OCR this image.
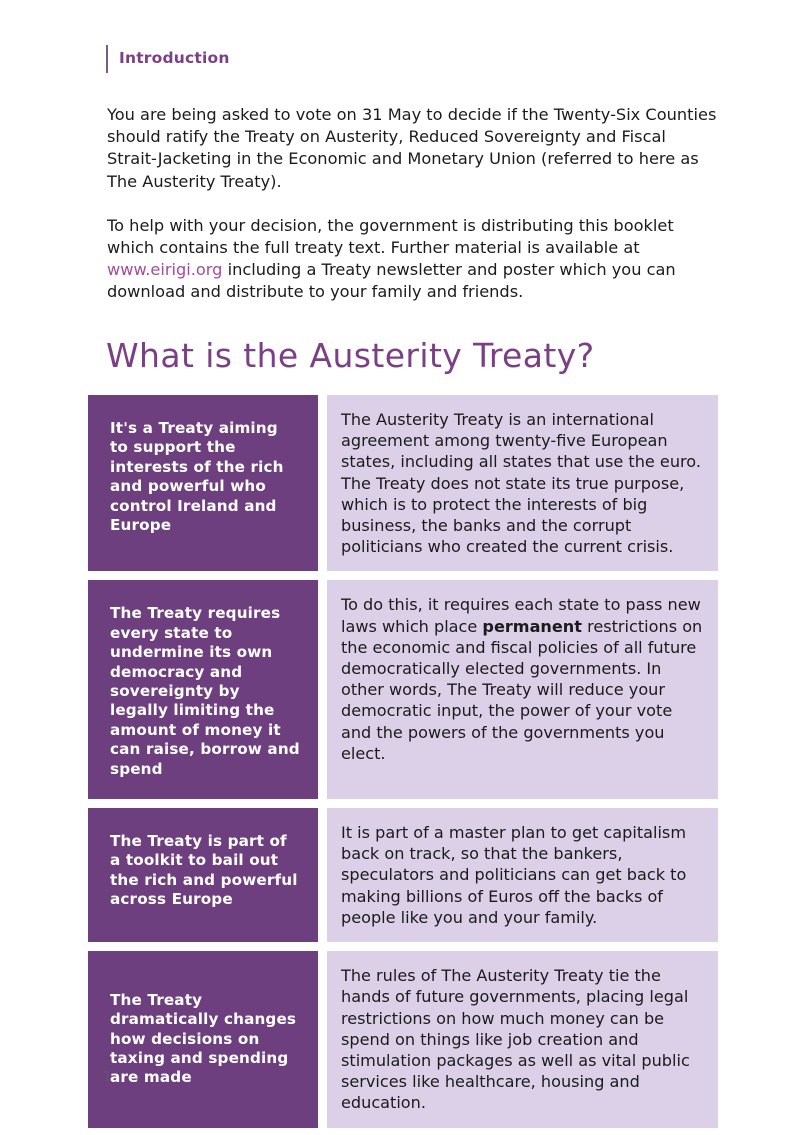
Introduction

You are being asked to vote on 31 May to decide if the Twenty-Six Counties should ratify the Treaty on Austerity, Reduced Sovereignty and Fiscal Strait-Jacketing in the Economic and Monetary Union (referred to here as The Austerity Treaty).

To help with your decision, the government is distributing this booklet which contains the full treaty text. Further material is available at www.eirigi.org including a Treaty newsletter and poster which you can download and distribute to your family and friends.

What is the Austerity Treaty?
It's a Treaty aiming to support the interests of the rich and powerful who control Ireland and Europe
The Austerity Treaty is an international agreement among twenty-five European states, including all states that use the euro. The Treaty does not state its true purpose, which is to protect the interests of big business, the banks and the corrupt politicians who created the current crisis.
The Treaty requires every state to undermine its own democracy and sovereignty by legally limiting the amount of money it can raise, borrow and spend
To do this, it requires each state to pass new laws which place permanent restrictions on the economic and fiscal policies of all future democratically elected governments. In other words, The Treaty will reduce your democratic input, the power of your vote and the powers of the governments you elect.
The Treaty is part of a toolkit to bail out the rich and powerful across Europe
It is part of a master plan to get capitalism back on track, so that the bankers, speculators and politicians can get back to making billions of Euros off the backs of people like you and your family.
The Treaty dramatically changes how decisions on taxing and spending are made
The rules of The Austerity Treaty tie the hands of future governments, placing legal restrictions on how much money can be spend on things like job creation and stimulation packages as well as vital public services like healthcare, housing and education.
1
